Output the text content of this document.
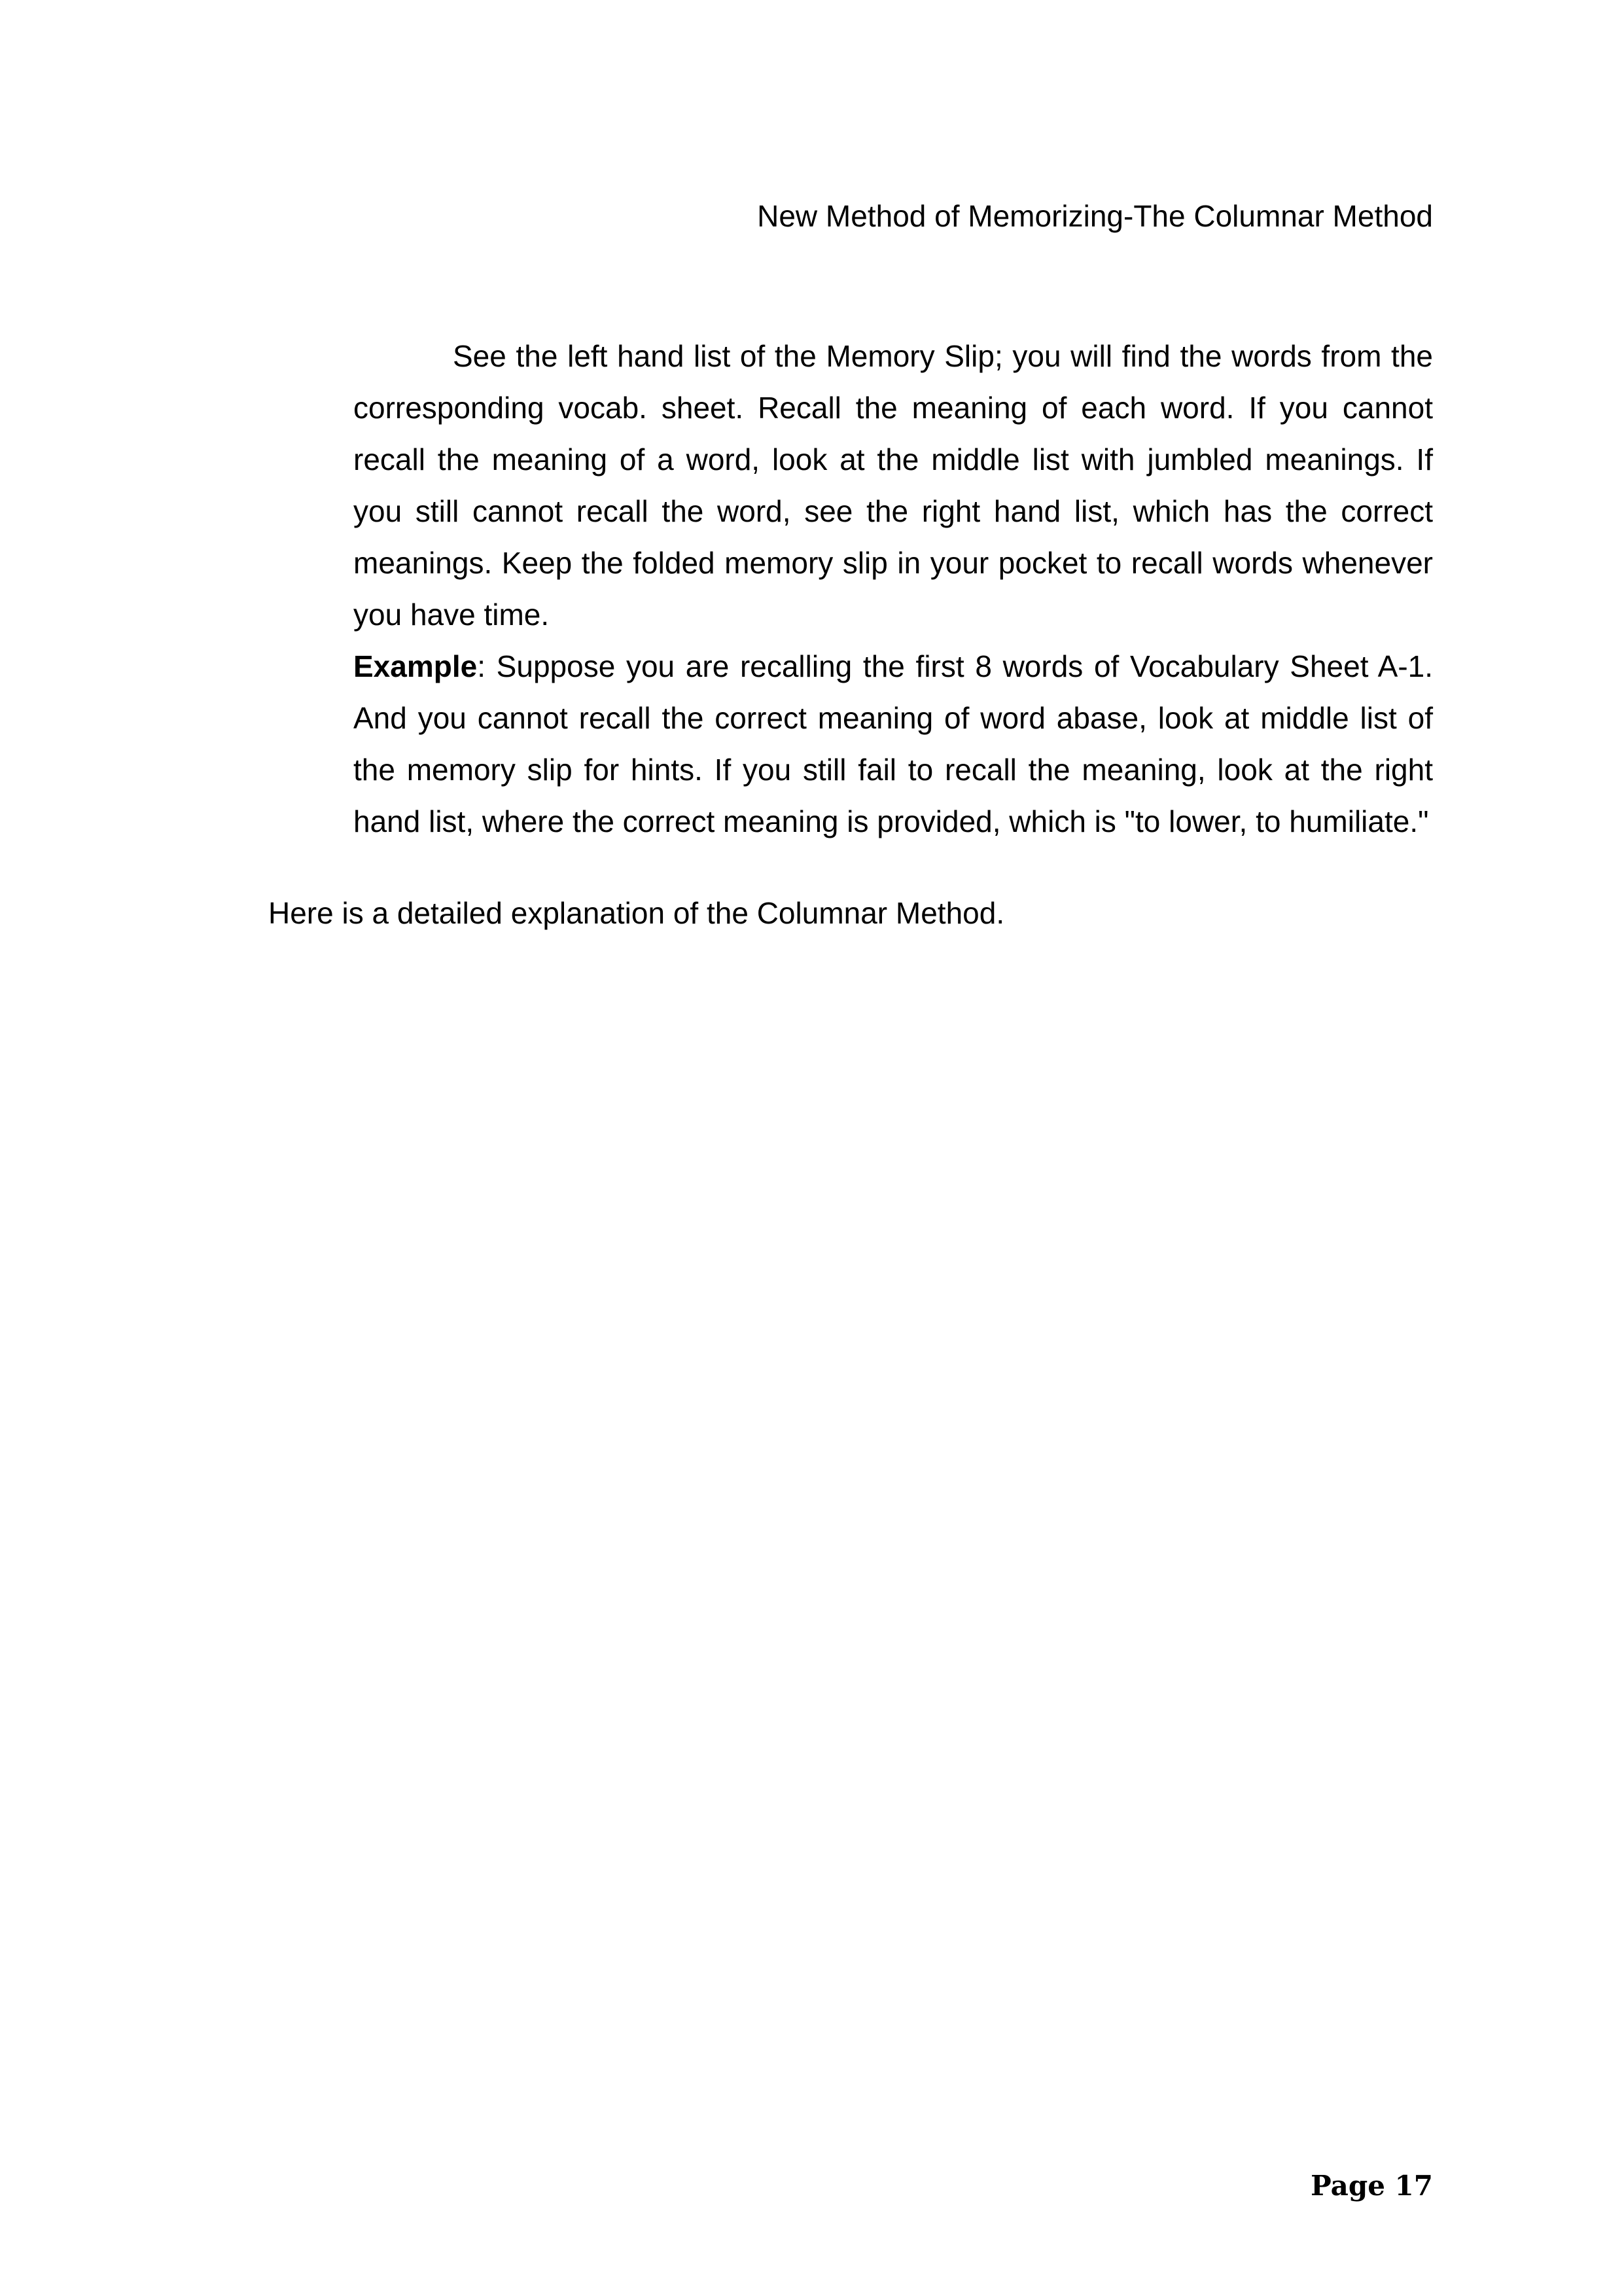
New Method of Memorizing-The Columnar Method

See the left hand list of the Memory Slip; you will find the words from the corresponding vocab. sheet. Recall the meaning of each word. If you cannot recall the meaning of a word, look at the middle list with jumbled meanings. If you still cannot recall the word, see the right hand list, which has the correct meanings. Keep the folded memory slip in your pocket to recall words whenever you have time.

Example: Suppose you are recalling the first 8 words of Vocabulary Sheet A-1. And you cannot recall the correct meaning of word abase, look at middle list of the memory slip for hints. If you still fail to recall the meaning, look at the right hand list, where the correct meaning is provided, which is "to lower, to humiliate."

Here is a detailed explanation of the Columnar Method.
Page 17
